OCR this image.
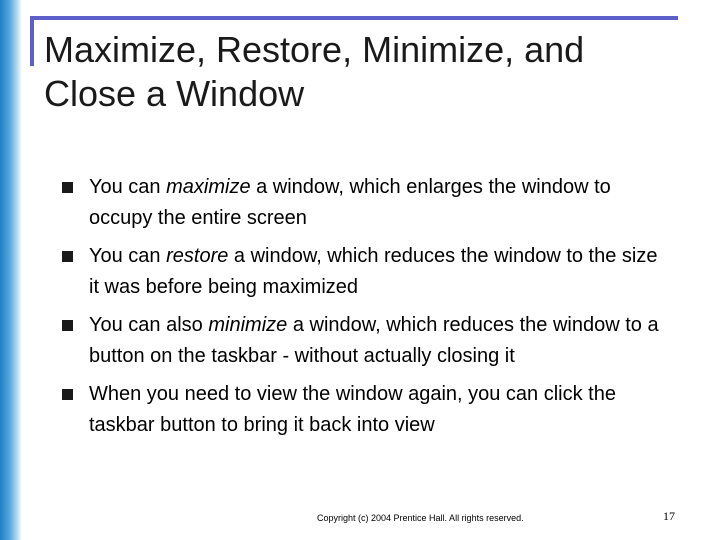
Maximize, Restore, Minimize, and Close a Window
You can maximize a window, which enlarges the window to occupy the entire screen
You can restore a window, which reduces the window to the size it was before being maximized
You can also minimize a window, which reduces the window to a button on the taskbar - without actually closing it
When you need to view the window again, you can click the taskbar button to bring it back into view
Copyright (c) 2004 Prentice Hall. All rights reserved.	17
